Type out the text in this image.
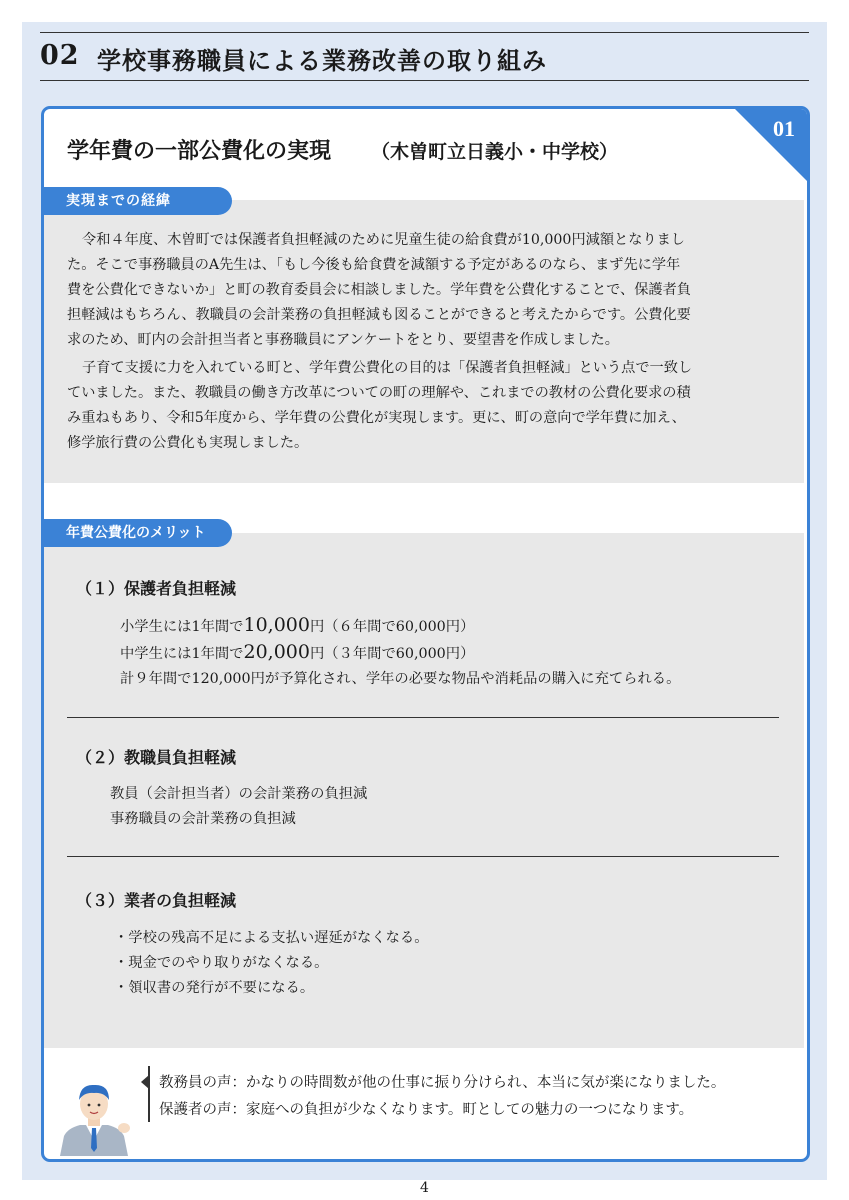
02 学校事務職員による業務改善の取り組み
01
学年費の一部公費化の実現 （木曽町立日義小・中学校）
実現までの経緯
令和４年度、木曽町では保護者負担軽減のために児童生徒の給食費が10,000円減額となりまし
た。そこで事務職員のA先生は、「もし今後も給食費を減額する予定があるのなら、まず先に学年
費を公費化できないか」と町の教育委員会に相談しました。学年費を公費化することで、保護者負
担軽減はもちろん、教職員の会計業務の負担軽減も図ることができると考えたからです。公費化要
求のため、町内の会計担当者と事務職員にアンケートをとり、要望書を作成しました。
子育て支援に力を入れている町と、学年費公費化の目的は「保護者負担軽減」という点で一致し
ていました。また、教職員の働き方改革についての町の理解や、これまでの教材の公費化要求の積
み重ねもあり、令和5年度から、学年費の公費化が実現します。更に、町の意向で学年費に加え、
修学旅行費の公費化も実現しました。
年費公費化のメリット
（１）保護者負担軽減
小学生には1年間で10,000円（６年間で60,000円）
中学生には1年間で20,000円（３年間で60,000円）
計９年間で120,000円が予算化され、学年の必要な物品や消耗品の購入に充てられる。
（２）教職員負担軽減
教員（会計担当者）の会計業務の負担減
事務職員の会計業務の負担減
（３）業者の負担軽減
・学校の残高不足による支払い遅延がなくなる。
・現金でのやり取りがなくなる。
・領収書の発行が不要になる。
教務員の声：かなりの時間数が他の仕事に振り分けられ、本当に気が楽になりました。
保護者の声：家庭への負担が少なくなります。町としての魅力の一つになります。
4
